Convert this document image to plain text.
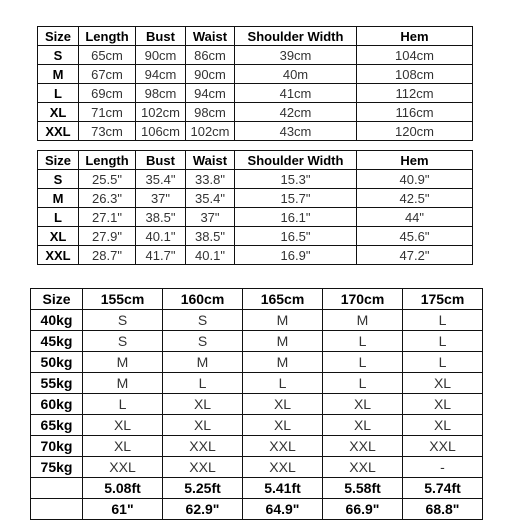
Size	Length	Bust	Waist	Shoulder Width	Hem
S	65cm	90cm	86cm	39cm	104cm
M	67cm	94cm	90cm	40m	108cm
L	69cm	98cm	94cm	41cm	112cm
XL	71cm	102cm	98cm	42cm	116cm
XXL	73cm	106cm	102cm	43cm	120cm
Size	Length	Bust	Waist	Shoulder Width	Hem
S	25.5"	35.4"	33.8"	15.3"	40.9"
M	26.3"	37"	35.4"	15.7"	42.5"
L	27.1"	38.5"	37"	16.1"	44"
XL	27.9"	40.1"	38.5"	16.5"	45.6"
XXL	28.7"	41.7"	40.1"	16.9"	47.2"
Size	155cm	160cm	165cm	170cm	175cm
40kg	S	S	M	M	L
45kg	S	S	M	L	L
50kg	M	M	M	L	L
55kg	M	L	L	L	XL
60kg	L	XL	XL	XL	XL
65kg	XL	XL	XL	XL	XL
70kg	XL	XXL	XXL	XXL	XXL
75kg	XXL	XXL	XXL	XXL	-
	5.08ft	5.25ft	5.41ft	5.58ft	5.74ft
	61"	62.9"	64.9"	66.9"	68.8"
